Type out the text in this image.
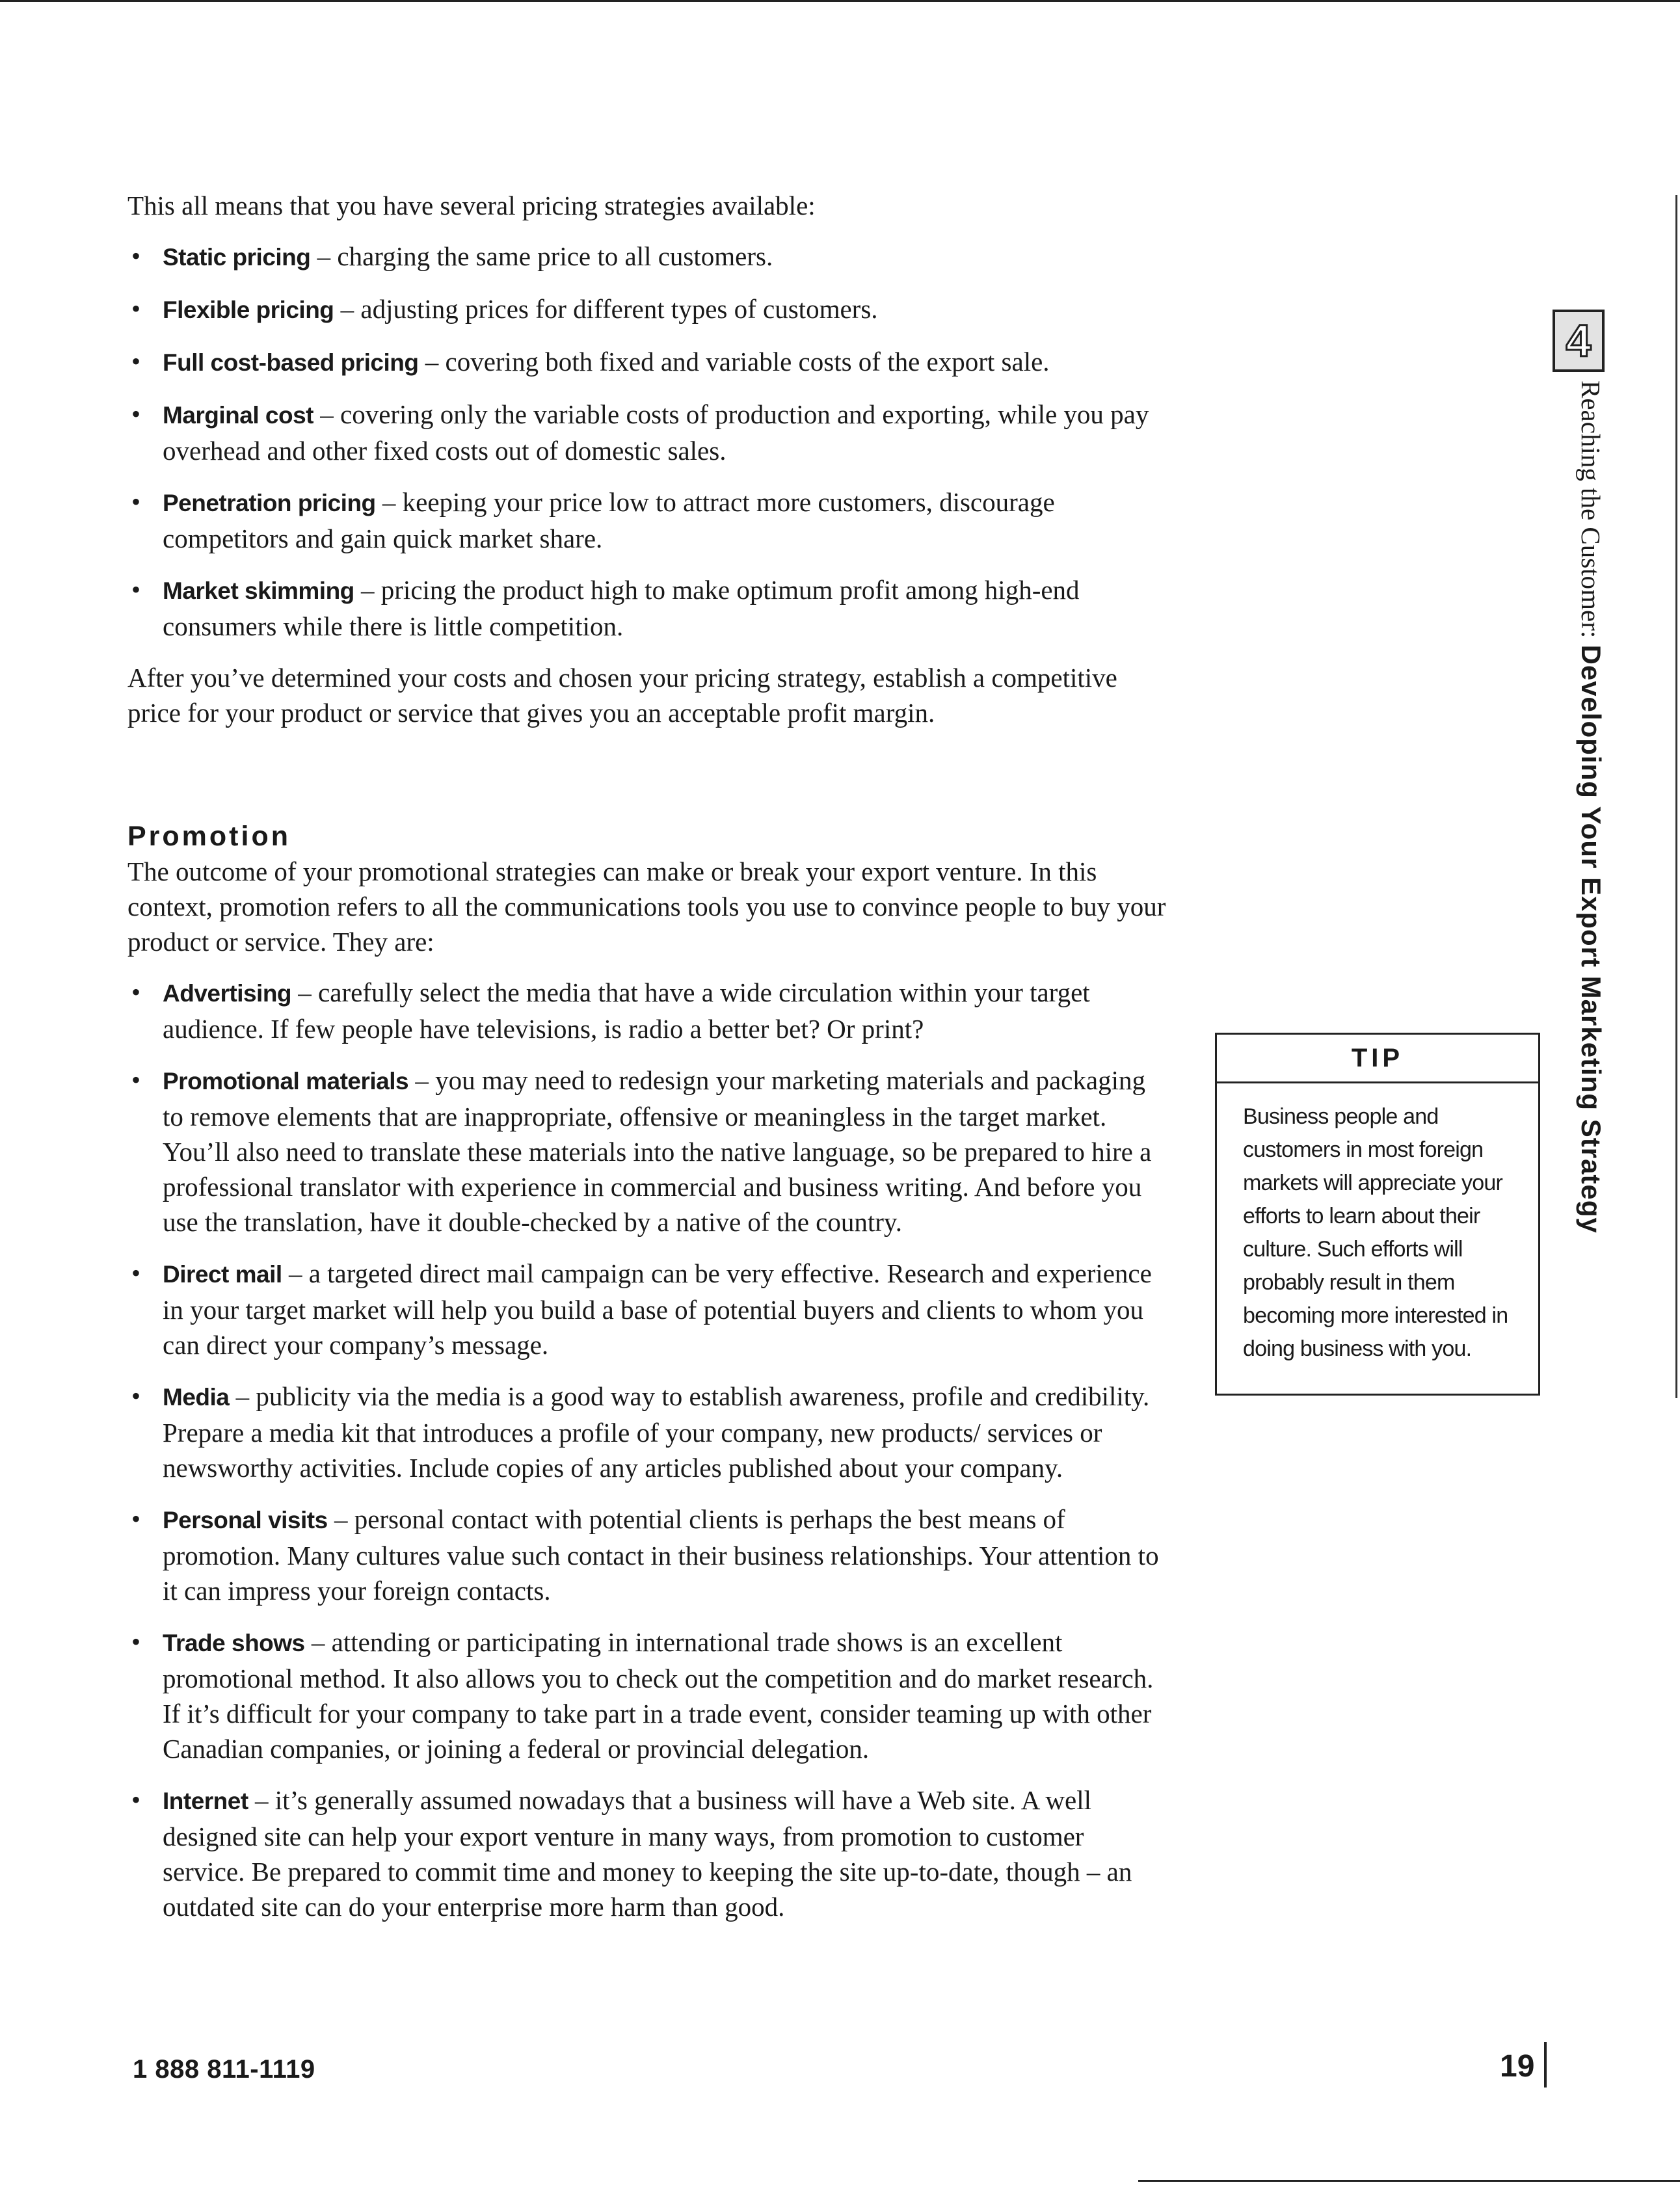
This all means that you have several pricing strategies available:

• Static pricing – charging the same price to all customers.
• Flexible pricing – adjusting prices for different types of customers.
• Full cost-based pricing – covering both fixed and variable costs of the export sale.
• Marginal cost – covering only the variable costs of production and exporting, while you pay overhead and other fixed costs out of domestic sales.
• Penetration pricing – keeping your price low to attract more customers, discourage competitors and gain quick market share.
• Market skimming – pricing the product high to make optimum profit among high-end consumers while there is little competition.

After you’ve determined your costs and chosen your pricing strategy, establish a competitive price for your product or service that gives you an acceptable profit margin.

Promotion

The outcome of your promotional strategies can make or break your export venture. In this context, promotion refers to all the communications tools you use to convince people to buy your product or service. They are:

• Advertising – carefully select the media that have a wide circulation within your target audience. If few people have televisions, is radio a better bet? Or print?
• Promotional materials – you may need to redesign your marketing materials and packaging to remove elements that are inappropriate, offensive or meaningless in the target market. You’ll also need to translate these materials into the native language, so be prepared to hire a professional translator with experience in commercial and business writing. And before you use the translation, have it double-checked by a native of the country.
• Direct mail – a targeted direct mail campaign can be very effective. Research and experience in your target market will help you build a base of potential buyers and clients to whom you can direct your company’s message.
• Media – publicity via the media is a good way to establish awareness, profile and credibility. Prepare a media kit that introduces a profile of your company, new products/ services or newsworthy activities. Include copies of any articles published about your company.
• Personal visits – personal contact with potential clients is perhaps the best means of promotion. Many cultures value such contact in their business relationships. Your attention to it can impress your foreign contacts.
• Trade shows – attending or participating in international trade shows is an excellent promotional method. It also allows you to check out the competition and do market research. If it’s difficult for your company to take part in a trade event, consider teaming up with other Canadian companies, or joining a federal or provincial delegation.
• Internet – it’s generally assumed nowadays that a business will have a Web site. A well designed site can help your export venture in many ways, from promotion to customer service. Be prepared to commit time and money to keeping the site up-to-date, though – an outdated site can do your enterprise more harm than good.
TIP
Business people and customers in most foreign markets will appreciate your efforts to learn about their culture. Such efforts will probably result in them becoming more interested in doing business with you.
4
Reaching the Customer: Developing Your Export Marketing Strategy
1 888 811-1119	19
